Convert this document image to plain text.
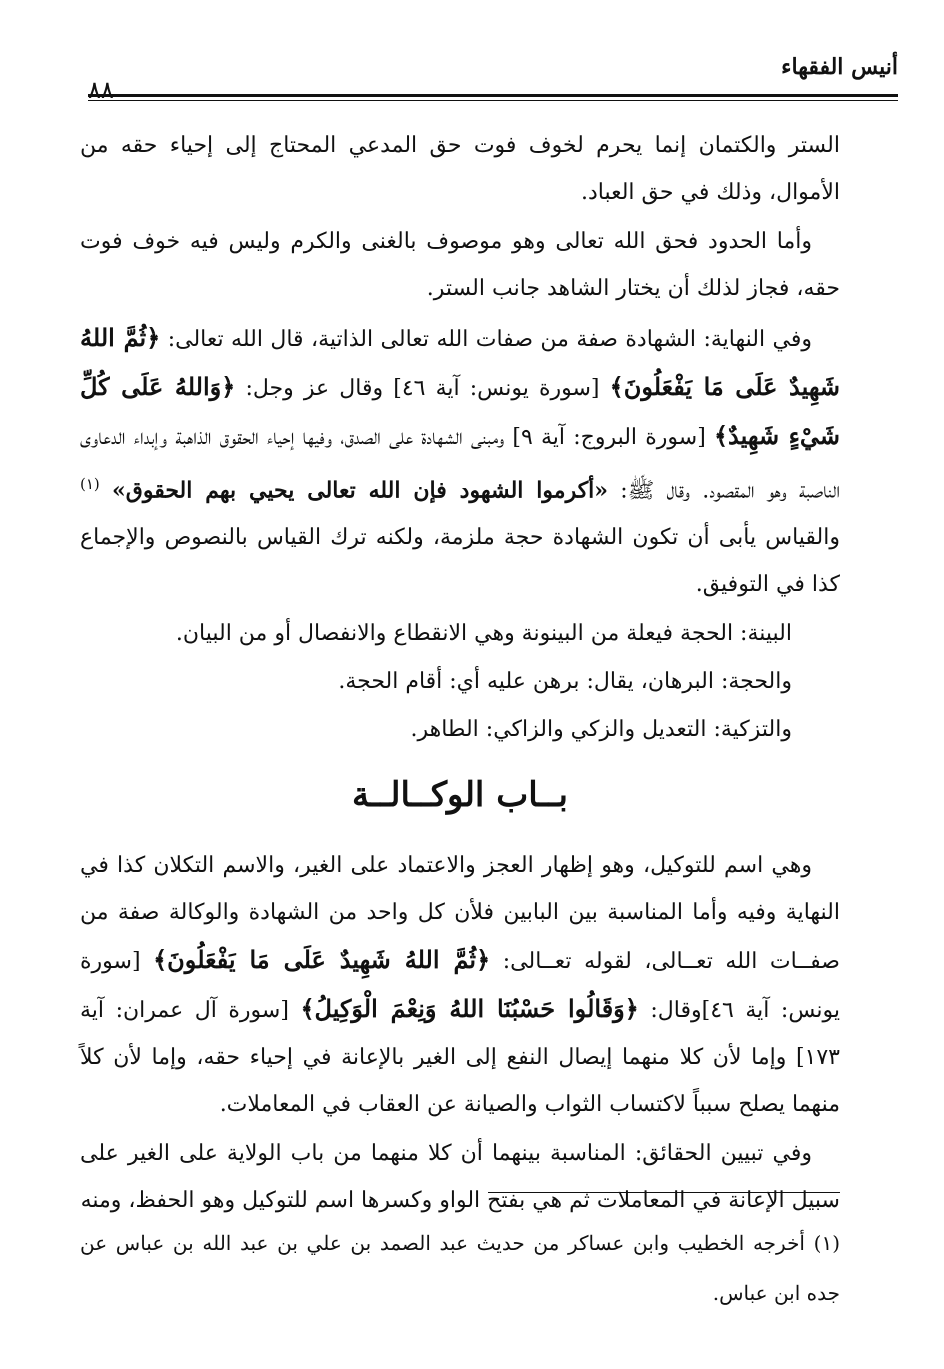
أنيس الفقهاء
٨٨

الستر والكتمان إنما يحرم لخوف فوت حق المدعي المحتاج إلى إحياء حقه من الأموال، وذلك في حق العباد.

وأما الحدود فحق الله تعالى وهو موصوف بالغنى والكرم وليس فيه خوف فوت حقه، فجاز لذلك أن يختار الشاهد جانب الستر.

وفي النهاية: الشهادة صفة من صفات الله تعالى الذاتية، قال الله تعالى: ﴿ثُمَّ اللهُ شَهِيدٌ عَلَى مَا يَفْعَلُونَ﴾ [سورة يونس: آية ٤٦] وقال عز وجل: ﴿وَاللهُ عَلَى كُلِّ شَيْءٍ شَهِيدٌ﴾ [سورة البروج: آية ٩] ومبنى الشهادة على الصدق، وفيها إحياء الحقوق الذاهبة وإبداء الدعاوى الناصبة وهو المقصود. وقال ﷺ: «أكرموا الشهود فإن الله تعالى يحيي بهم الحقوق» $^{(١)}$ والقياس يأبى أن تكون الشهادة حجة ملزمة، ولكنه ترك القياس بالنصوص والإجماع كذا في التوفيق.

البينة: الحجة فيعلة من البينونة وهي الانقطاع والانفصال أو من البيان.

والحجة: البرهان، يقال: برهن عليه أي: أقام الحجة.

والتزكية: التعديل والزكي والزاكي: الطاهر.

بــاب الوكــالــة

وهي اسم للتوكيل، وهو إظهار العجز والاعتماد على الغير، والاسم التكلان كذا في النهاية وفيه وأما المناسبة بين البابين فلأن كل واحد من الشهادة والوكالة صفة من صفــات الله تعــالى، لقوله تعــالى: ﴿ثُمَّ اللهُ شَهِيدٌ عَلَى مَا يَفْعَلُونَ﴾ [سورة يونس: آية ٤٦]وقال: ﴿وَقَالُوا حَسْبُنَا اللهُ وَنِعْمَ الْوَكِيلُ﴾ [سورة آل عمران: آية ١٧٣] وإما لأن كلا منهما إيصال النفع إلى الغير بالإعانة في إحياء حقه، وإما لأن كلاً منهما يصلح سبباً لاكتساب الثواب والصيانة عن العقاب في المعاملات.

وفي تبيين الحقائق: المناسبة بينهما أن كلا منهما من باب الولاية على الغير على سبيل الإعانة في المعاملات ثم هي بفتح الواو وكسرها اسم للتوكيل وهو الحفظ، ومنه

(١) أخرجه الخطيب وابن عساكر من حديث عبد الصمد بن علي بن عبد الله بن عباس عن جده ابن عباس.
